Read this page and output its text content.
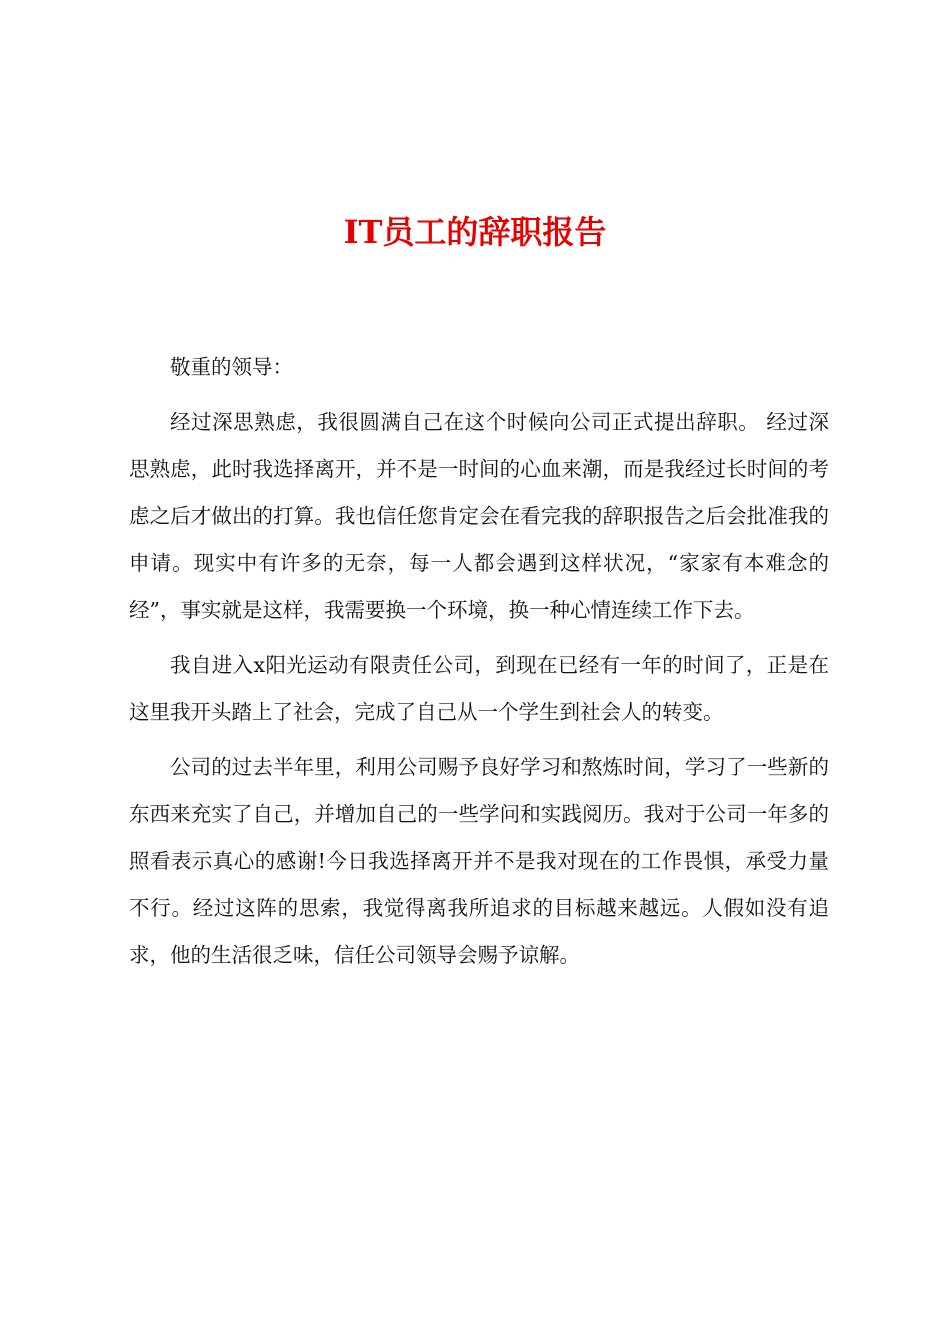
IT员工的辞职报告

敬重的领导：

经过深思熟虑，我很圆满自己在这个时候向公司正式提出辞职。 经过深思熟虑，此时我选择离开，并不是一时间的心血来潮，而是我经过长时间的考虑之后才做出的打算。我也信任您肯定会在看完我的辞职报告之后会批准我的申请。现实中有许多的无奈，每一人都会遇到这样状况，“家家有本难念的经”，事实就是这样，我需要换一个环境，换一种心情连续工作下去。

我自进入x阳光运动有限责任公司，到现在已经有一年的时间了，正是在这里我开头踏上了社会，完成了自己从一个学生到社会人的转变。

公司的过去半年里，利用公司赐予良好学习和熬炼时间，学习了一些新的东西来充实了自己，并增加自己的一些学问和实践阅历。我对于公司一年多的照看表示真心的感谢!今日我选择离开并不是我对现在的工作畏惧，承受力量不行。经过这阵的思索，我觉得离我所追求的目标越来越远。人假如没有追求，他的生活很乏味，信任公司领导会赐予谅解。
